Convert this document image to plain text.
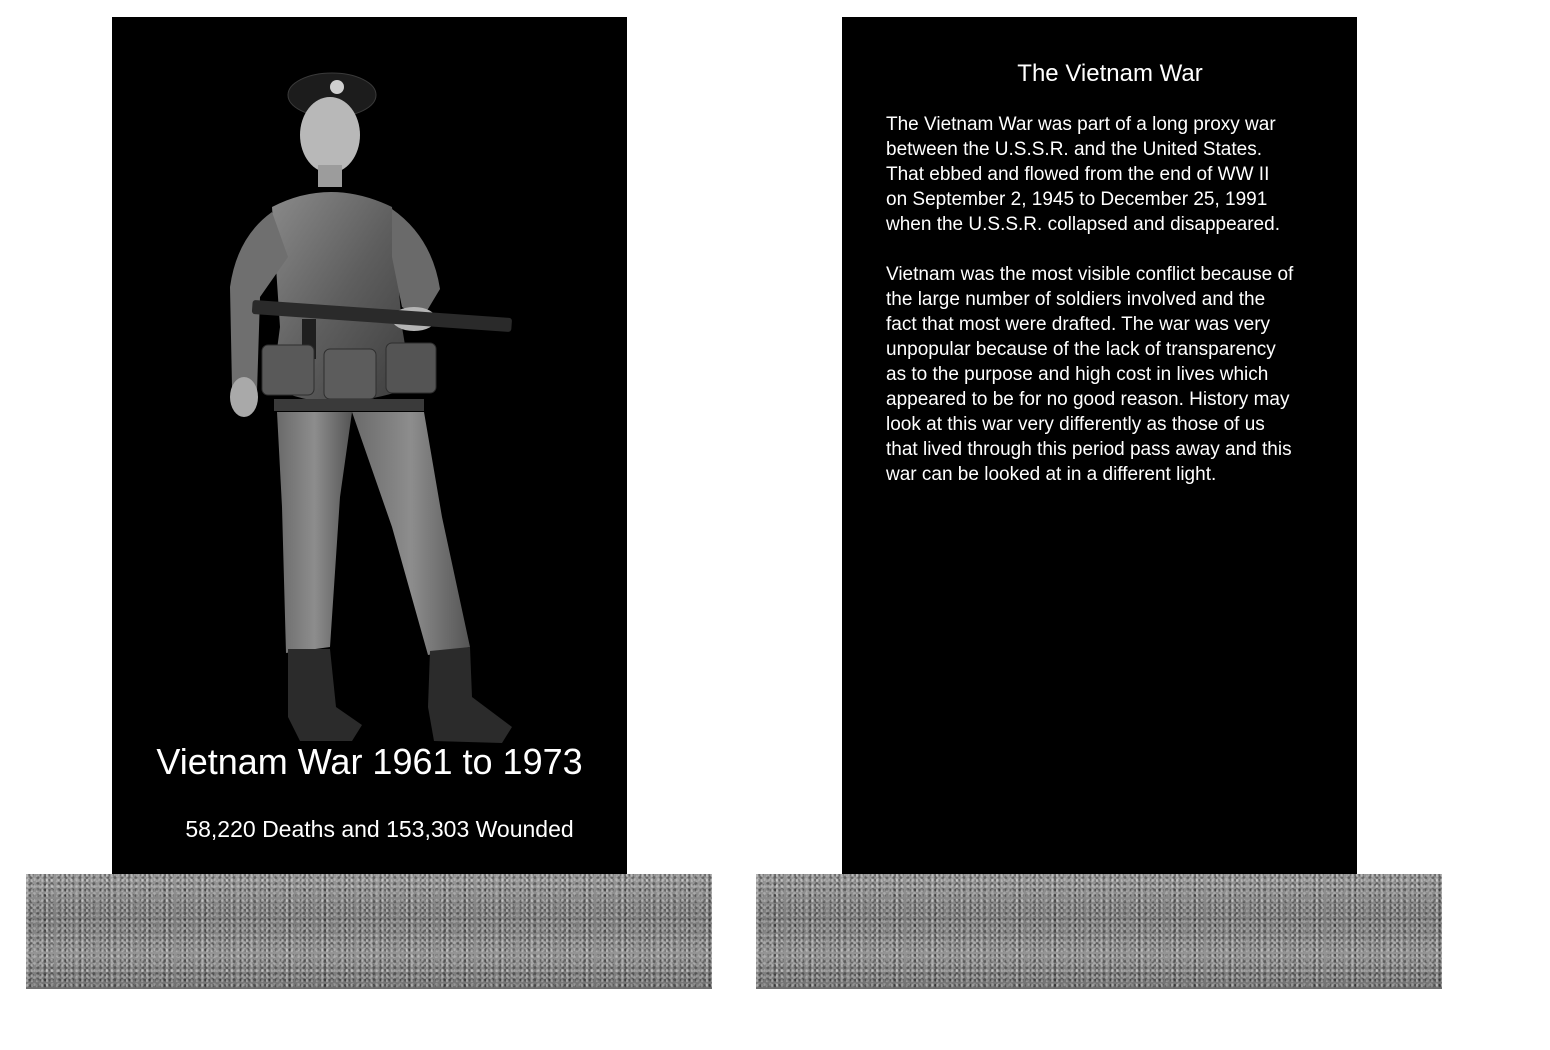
Vietnam War 1961 to 1973
58,220 Deaths and 153,303 Wounded
The Vietnam War

The Vietnam War was part of a long proxy war
between the U.S.S.R. and the United States.
That ebbed and flowed from the end of WW II
on September 2, 1945 to December 25, 1991
when the U.S.S.R. collapsed and disappeared.

Vietnam was the most visible conflict because of
the large number of soldiers involved and the
fact that most were drafted. The war was very
unpopular because of the lack of transparency
as to the purpose and high cost in lives which
appeared to be for no good reason. History may
look at this war very differently as those of us
that lived through this period pass away and this
war can be looked at in a different light.
